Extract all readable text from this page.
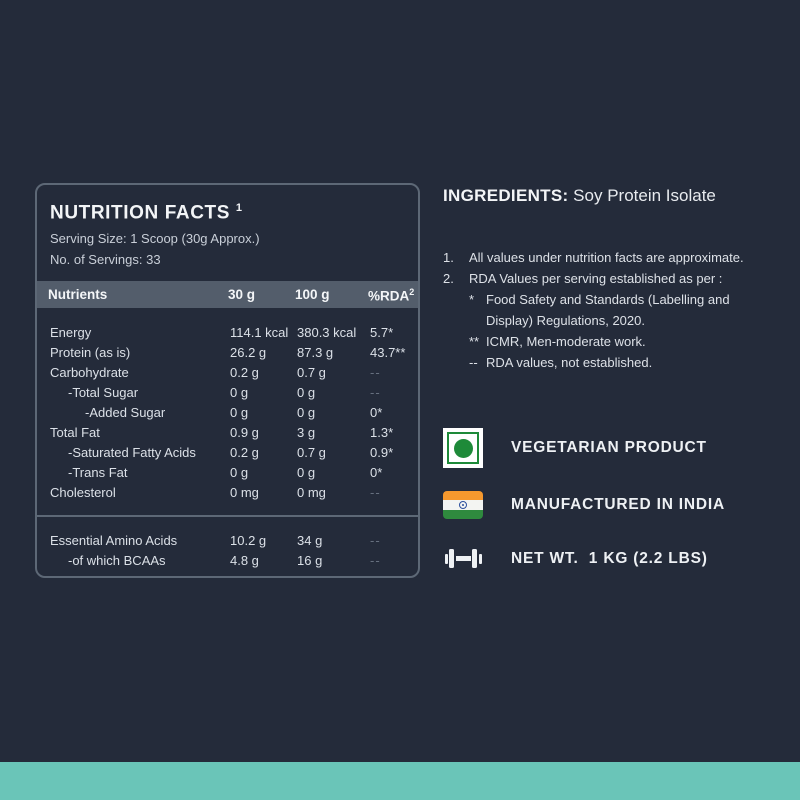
NUTRITION FACTS $^1$
Serving Size: 1 Scoop (30g Approx.)
No. of Servings: 33
Nutrients	30 g	100 g	%RDA$^2$
Energy	114.1 kcal 380.3 kcal	5.7*
Protein (as is)	26.2 g	87.3 g	43.7**
Carbohydrate	0.2 g	0.7 g	--
-Total Sugar	0 g	0 g	--
-Added Sugar	0 g	0 g	0*
Total Fat	0.9 g	3 g	1.3*
-Saturated Fatty Acids	0.2 g	0.7 g	0.9*
-Trans Fat	0 g	0 g	0*
Cholesterol	0 mg	0 mg	--
Essential Amino Acids	10.2 g	34 g	--
-of which BCAAs	4.8 g	16 g	--
INGREDIENTS: Soy Protein Isolate
1.	All values under nutrition facts are approximate.
2.	RDA Values per serving established as per :
* Food Safety and Standards (Labelling and Display) Regulations, 2020.
** ICMR, Men-moderate work.
-- RDA values, not established.
VEGETARIAN PRODUCT
MANUFACTURED IN INDIA
NET WT.  1 KG (2.2 LBS)
